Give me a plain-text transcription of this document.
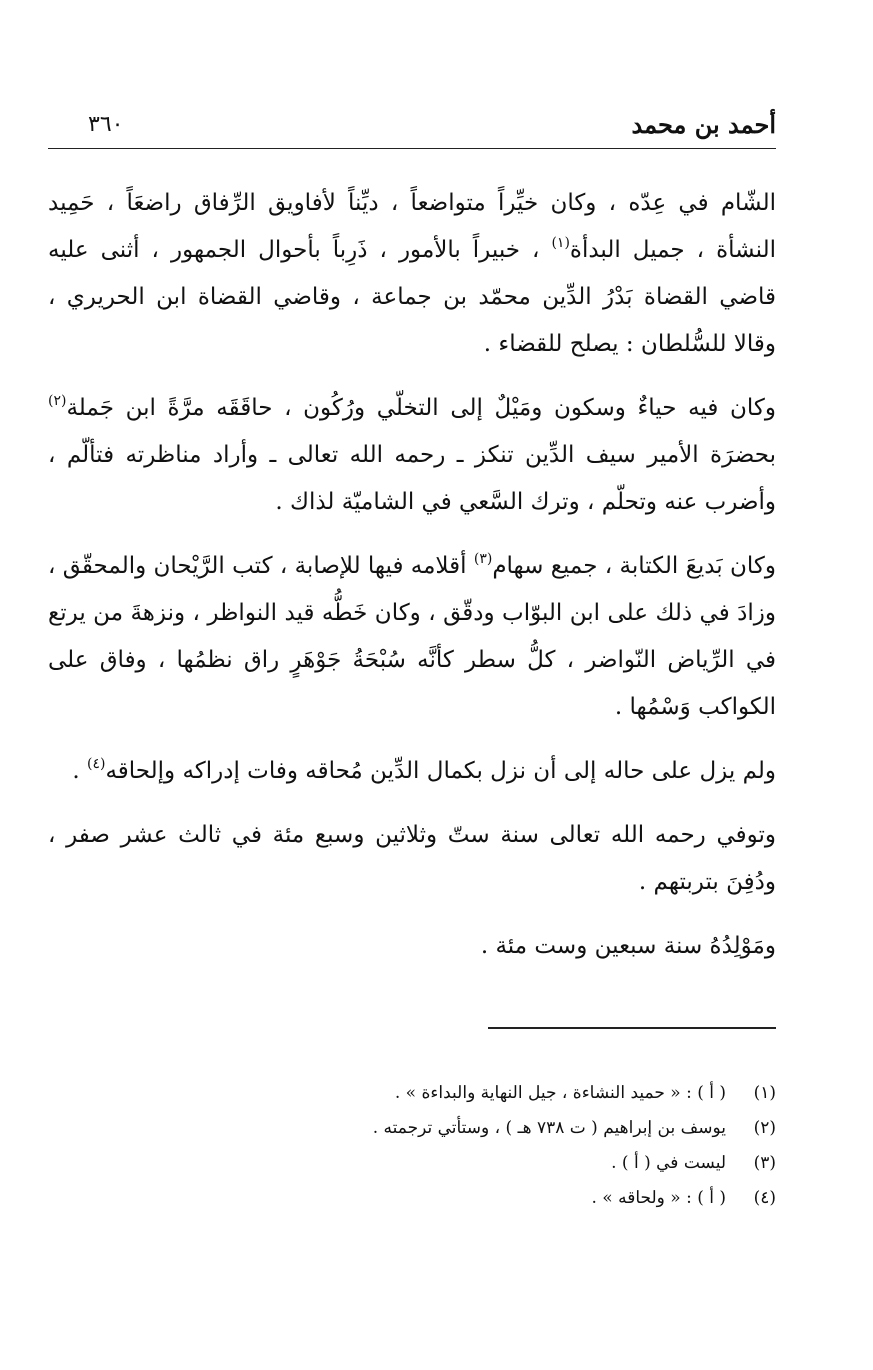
أحمد بن محمد
٣٦٠

الشّام في عِدّه ، وكان خيِّراً متواضعاً ، ديِّناً لأفاويق الرِّفاق راضعَاً ، حَمِيد النشأة ، جميل البدأة$^{(١)}$ ، خبيراً بالأمور ، ذَرِباً بأحوال الجمهور ، أثنى عليه قاضي القضاة بَدْرُ الدِّين محمّد بن جماعة ، وقاضي القضاة ابن الحريري ، وقالا للسُّلطان : يصلح للقضاء .

وكان فيه حياءٌ وسكون ومَيْلٌ إلى التخلّي ورُكُون ، حاقَقَه مرَّةً ابن جَملة$^{(٢)}$ بحضرَة الأمير سيف الدِّين تنكز ـ رحمه الله تعالى ـ وأراد مناظرته فتألّم ، وأضرب عنه وتحلّم ، وترك السَّعي في الشاميّة لذاك .

وكان بَديعَ الكتابة ، جميع سهام$^{(٣)}$ أقلامه فيها للإصابة ، كتب الرَّيْحان والمحقّق ، وزادَ في ذلك على ابن البوّاب ودقّق ، وكان خَطُّه قيد النواظر ، ونزهةَ من يرتع في الرِّياض النّواضر ، كلُّ سطر كأنَّه سُبْحَةُ جَوْهَرٍ راق نظمُها ، وفاق على الكواكب وَسْمُها .

ولم يزل على حاله إلى أن نزل بكمال الدِّين مُحاقه وفات إدراكه وإلحاقه$^{(٤)}$ .

وتوفي رحمه الله تعالى سنة ستّ وثلاثين وسبع مئة في ثالث عشر صفر ، ودُفِنَ بتربتهم .

ومَوْلِدُهُ سنة سبعين وست مئة .

(١)
( أ ) : « حميد النشاءة ، جيل النهاية والبداءة » .
(٢)
يوسف بن إبراهيم ( ت ٧٣٨ هـ ) ، وستأتي ترجمته .
(٣)
ليست في ( أ ) .
(٤)
( أ ) : « ولحاقه » .
